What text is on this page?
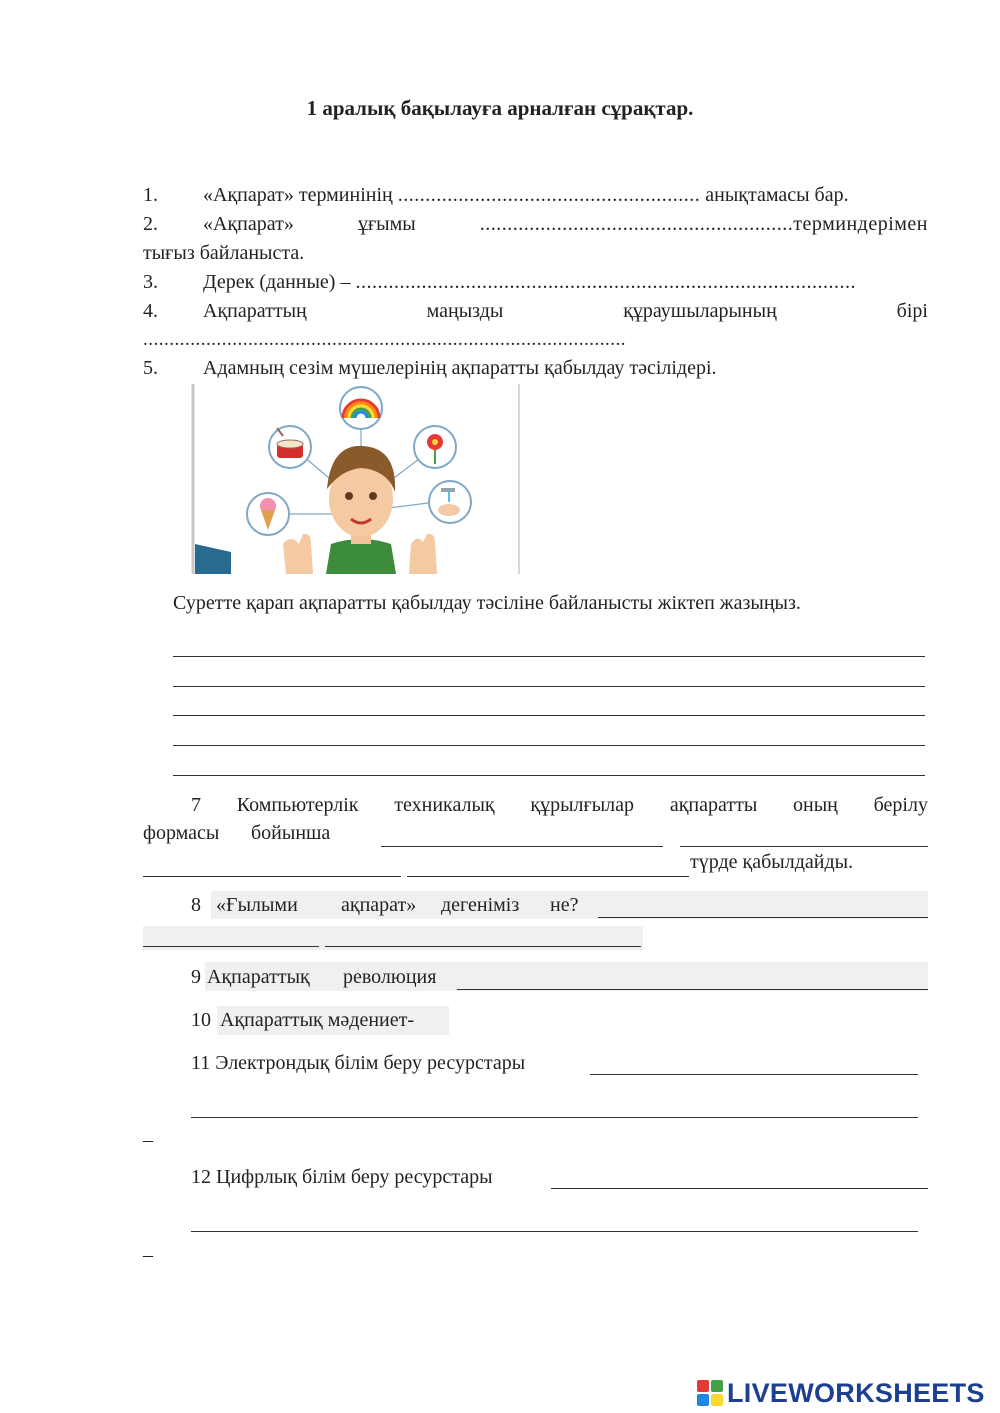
1 аралық бақылауға арналған сұрақтар.
1. «Ақпарат» терминінің ....................................................... анықтамасы бар.
2. «Ақпарат»	ұғымы	.........................................................терминдерімен
тығыз байланыста.
3. Дерек (данные) – ...........................................................................................
4. Ақпараттың	маңызды	құраушыларының	бірі
............................................................................................
5. Адамның сезім мүшелерінің ақпаратты қабылдау тәсілідері.
Суретте қарап ақпаратты қабылдау тәсіліне байланысты жіктеп жазыңыз.
7 Компьютерлік техникалық құрылғылар ақпаратты оның берілу
формасы бойынша
түрде қабылдайды.
8 «Ғылыми ақпарат» дегеніміз не?
9 Ақпараттық революция
10 Ақпараттық мәдениет-
11 Электрондық білім беру ресурстары
–
12 Цифрлық білім беру ресурстары
–
LIVEWORKSHEETS
